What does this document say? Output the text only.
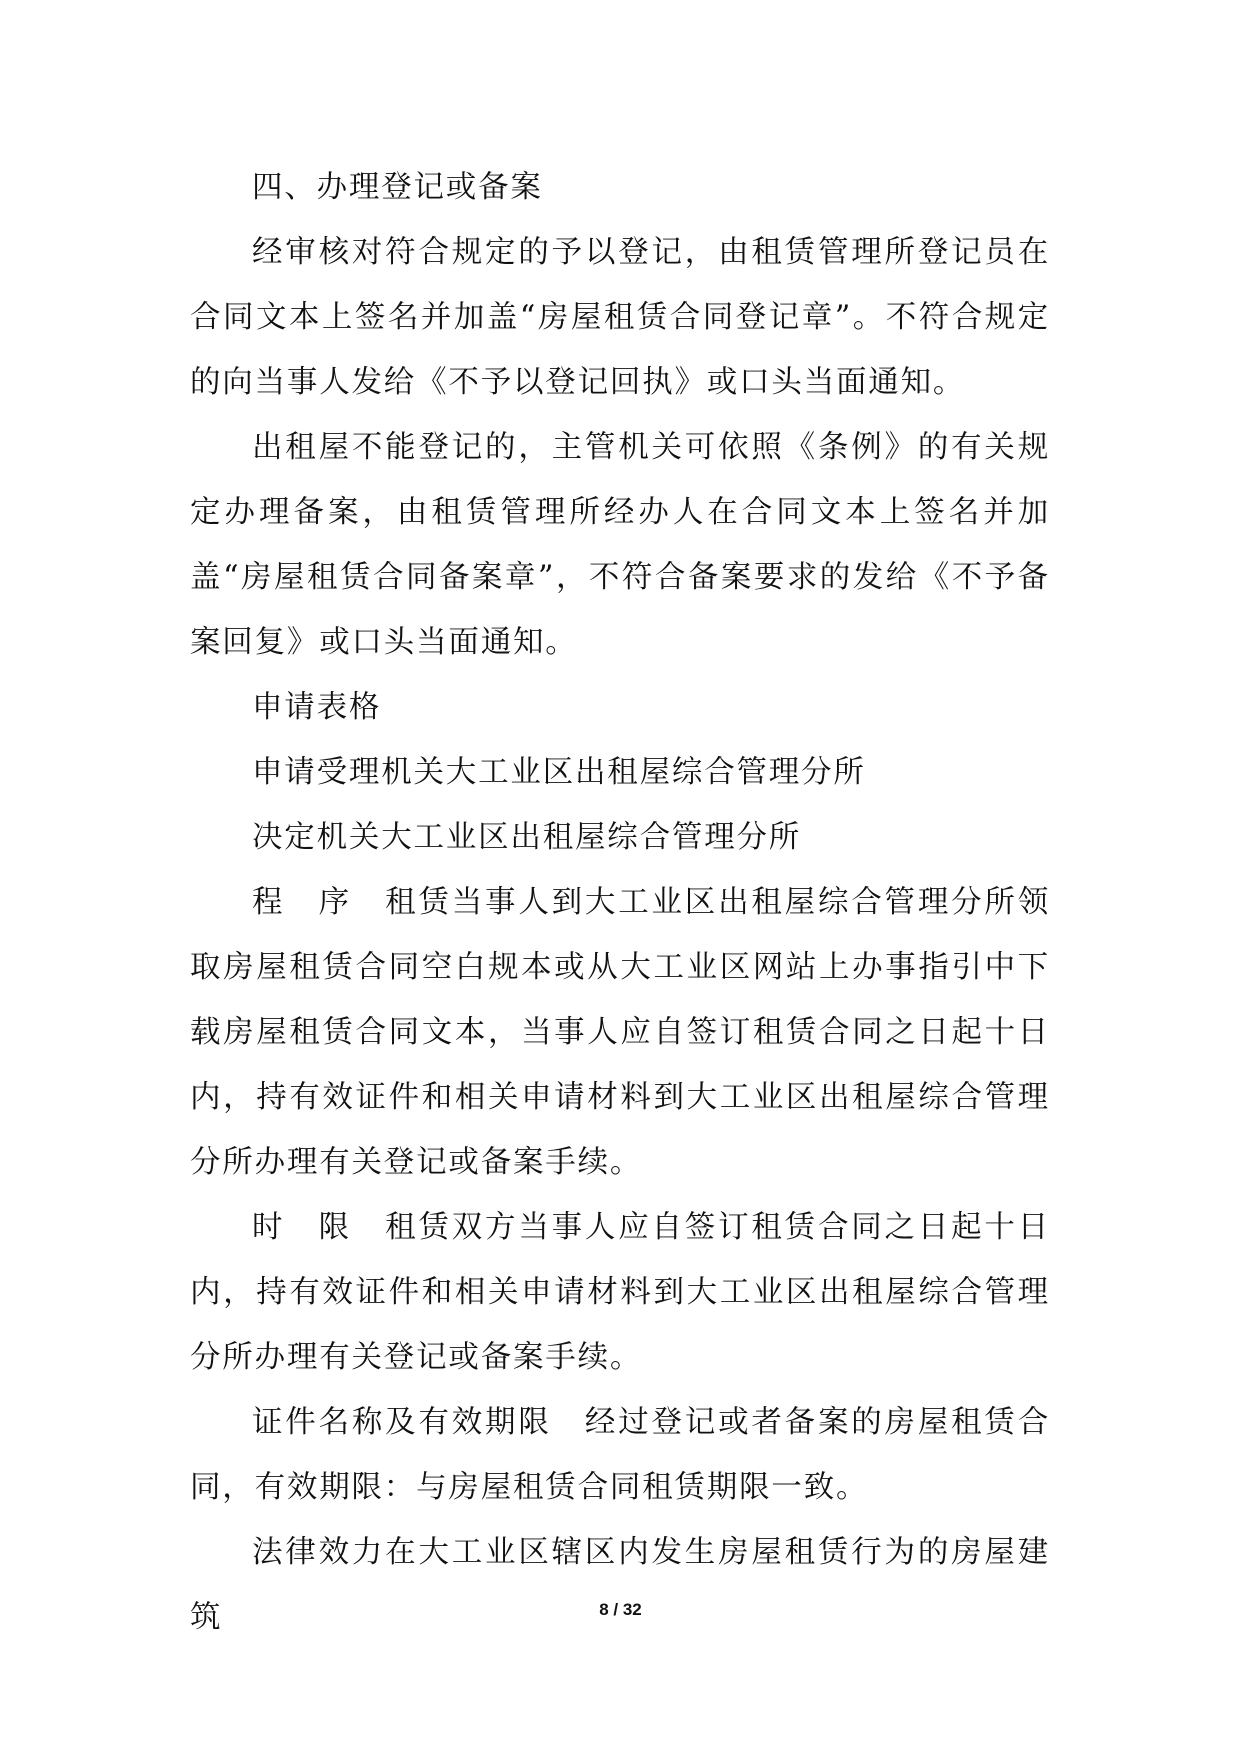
四、办理登记或备案

经审核对符合规定的予以登记，由租赁管理所登记员在合同文本上签名并加盖“房屋租赁合同登记章”。不符合规定的向当事人发给《不予以登记回执》或口头当面通知。

出租屋不能登记的，主管机关可依照《条例》的有关规定办理备案，由租赁管理所经办人在合同文本上签名并加盖“房屋租赁合同备案章”，不符合备案要求的发给《不予备案回复》或口头当面通知。

申请表格

申请受理机关大工业区出租屋综合管理分所

决定机关大工业区出租屋综合管理分所

程　序　租赁当事人到大工业区出租屋综合管理分所领取房屋租赁合同空白规本或从大工业区网站上办事指引中下载房屋租赁合同文本，当事人应自签订租赁合同之日起十日内，持有效证件和相关申请材料到大工业区出租屋综合管理分所办理有关登记或备案手续。

时　限　租赁双方当事人应自签订租赁合同之日起十日内，持有效证件和相关申请材料到大工业区出租屋综合管理分所办理有关登记或备案手续。

证件名称及有效期限　经过登记或者备案的房屋租赁合同，有效期限：与房屋租赁合同租赁期限一致。

法律效力在大工业区辖区内发生房屋租赁行为的房屋建筑	8 / 32
